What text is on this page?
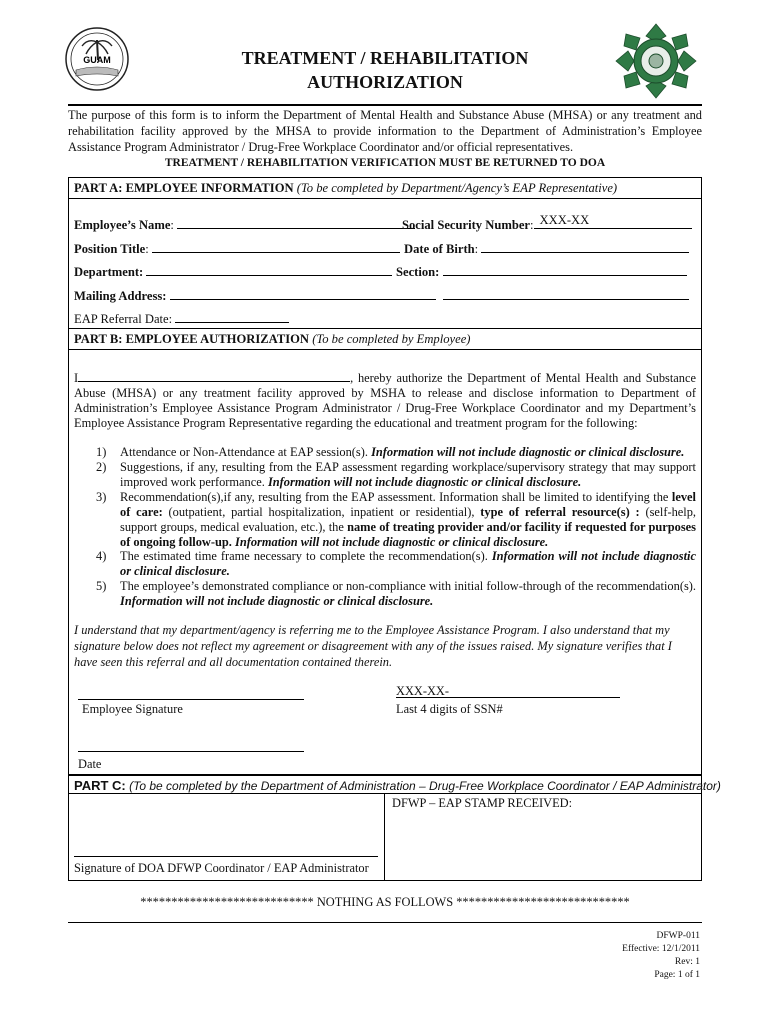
GUAM	TREATMENT / REHABILITATION
AUTHORIZATION
The purpose of this form is to inform the Department of Mental Health and Substance Abuse (MHSA) or any treatment and rehabilitation facility approved by the MHSA to provide information to the Department of Administration’s Employee Assistance Program Administrator / Drug-Free Workplace Coordinator and/or official representatives.
TREATMENT / REHABILITATION VERIFICATION MUST BE RETURNED TO DOA
PART A: EMPLOYEE INFORMATION (To be completed by Department/Agency’s EAP Representative)
Employee’s Name:	Social Security Number: XXX-XX
Position Title:	Date of Birth:
Department:	Section:
Mailing Address:
EAP Referral Date:
PART B: EMPLOYEE AUTHORIZATION (To be completed by Employee)
I	, hereby authorize the Department of Mental Health and Substance Abuse (MHSA) or any treatment facility approved by MSHA to release and disclose information to Department of Administration’s Employee Assistance Program Administrator / Drug-Free Workplace Coordinator and my Department’s Employee Assistance Program Representative regarding the educational and treatment program for the following:
1) Attendance or Non-Attendance at EAP session(s). Information will not include diagnostic or clinical disclosure.
2) Suggestions, if any, resulting from the EAP assessment regarding workplace/supervisory strategy that may support improved work performance. Information will not include diagnostic or clinical disclosure.
3) Recommendation(s),if any, resulting from the EAP assessment. Information shall be limited to identifying the level of care: (outpatient, partial hospitalization, inpatient or residential), type of referral resource(s) : (self-help, support groups, medical evaluation, etc.), the name of treating provider and/or facility if requested for purposes of ongoing follow-up. Information will not include diagnostic or clinical disclosure.
4) The estimated time frame necessary to complete the recommendation(s). Information will not include diagnostic or clinical disclosure.
5) The employee’s demonstrated compliance or non-compliance with initial follow-through of the recommendation(s). Information will not include diagnostic or clinical disclosure.
I understand that my department/agency is referring me to the Employee Assistance Program. I also understand that my signature below does not reflect my agreement or disagreement with any of the issues raised. My signature verifies that I have seen this referral and all documentation contained therein.
Employee Signature
XXX-XX-
Last 4 digits of SSN#
Date
PART C: (To be completed by the Department of Administration – Drug-Free Workplace Coordinator / EAP Administrator)
DFWP – EAP STAMP RECEIVED:
Signature of DOA DFWP Coordinator / EAP Administrator
**************************** NOTHING AS FOLLOWS ****************************
DFWP-011
Effective: 12/1/2011
Rev: 1
Page: 1 of 1
